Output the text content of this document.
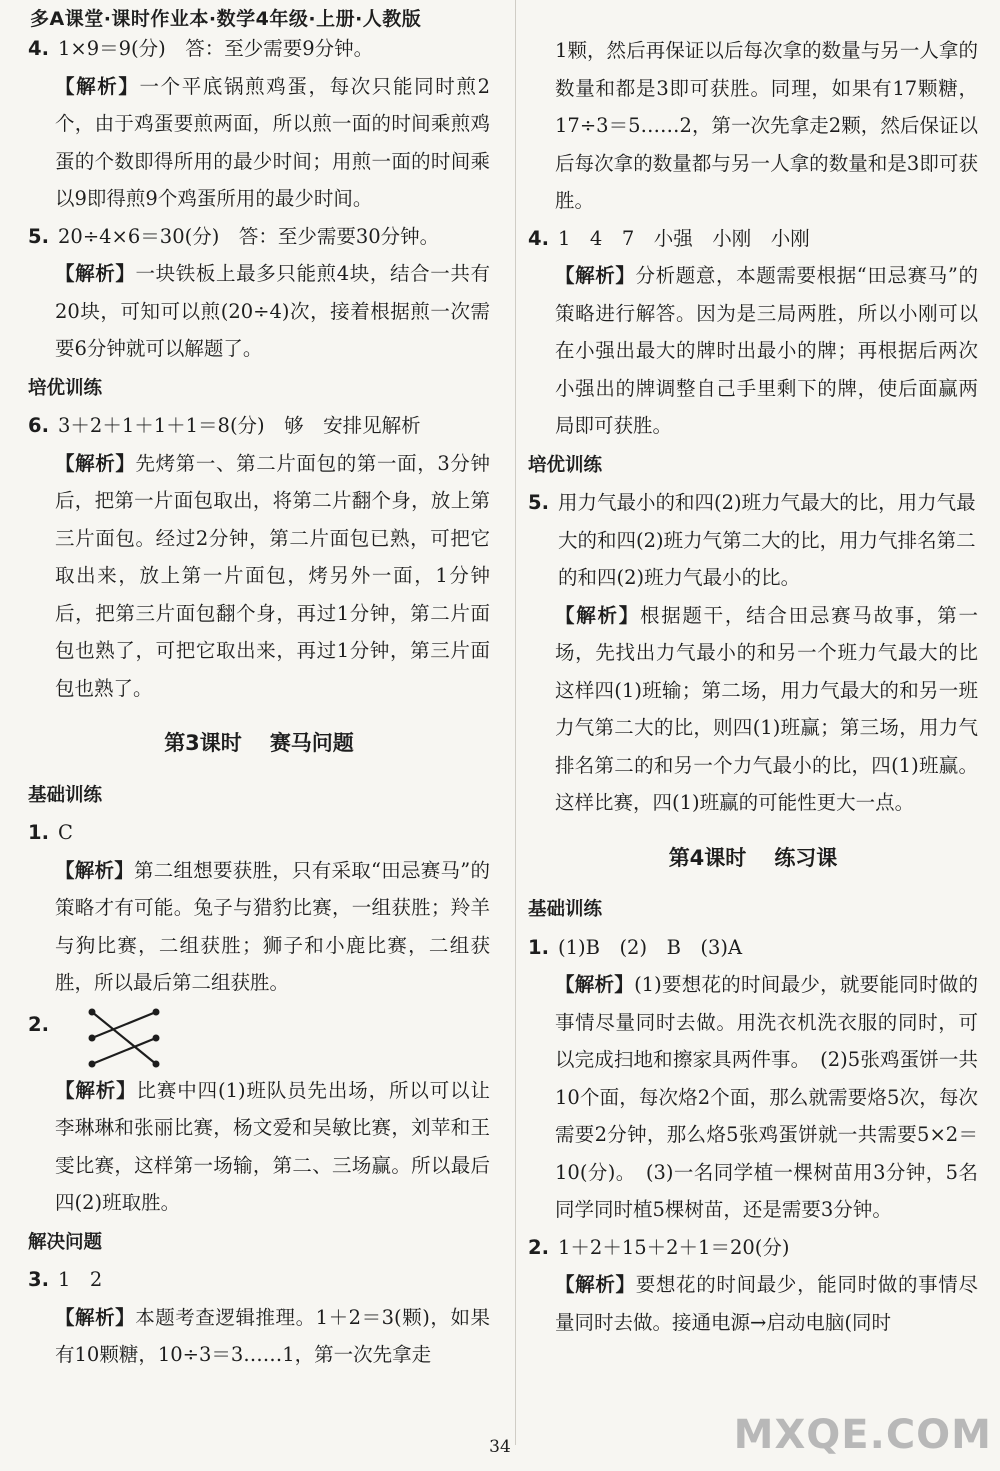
多A课堂·课时作业本·数学4年级·上册·人教版
4. 1×9＝9(分)　答：至少需要9分钟。
【解析】一个平底锅煎鸡蛋，每次只能同时煎2个，由于鸡蛋要煎两面，所以煎一面的时间乘煎鸡蛋的个数即得所用的最少时间；用煎一面的时间乘以9即得煎9个鸡蛋所用的最少时间。
5. 20÷4×6＝30(分)　答：至少需要30分钟。
【解析】一块铁板上最多只能煎4块，结合一共有20块，可知可以煎(20÷4)次，接着根据煎一次需要6分钟就可以解题了。
培优训练
6. 3＋2＋1＋1＋1＝8(分)　够　安排见解析
【解析】先烤第一、第二片面包的第一面，3分钟后，把第一片面包取出，将第二片翻个身，放上第三片面包。经过2分钟，第二片面包已熟，可把它取出来，放上第一片面包，烤另外一面，1分钟后，把第三片面包翻个身，再过1分钟，第二片面包也熟了，可把它取出来，再过1分钟，第三片面包也熟了。
第3课时 赛马问题
基础训练
1. C
【解析】第二组想要获胜，只有采取“田忌赛马”的策略才有可能。兔子与猎豹比赛，一组获胜；羚羊与狗比赛，二组获胜；狮子和小鹿比赛，二组获胜，所以最后第二组获胜。
2.
【解析】比赛中四(1)班队员先出场，所以可以让李琳琳和张丽比赛，杨文爱和吴敏比赛，刘苹和王雯比赛，这样第一场输，第二、三场赢。所以最后四(2)班取胜。
解决问题
3. 1　2
【解析】本题考查逻辑推理。1＋2＝3(颗)，如果有10颗糖，10÷3＝3……1，第一次先拿走
1颗，然后再保证以后每次拿的数量与另一人拿的数量和都是3即可获胜。同理，如果有17颗糖，17÷3＝5……2，第一次先拿走2颗，然后保证以后每次拿的数量都与另一人拿的数量和是3即可获胜。
4. 1　4　7　小强　小刚　小刚
【解析】分析题意，本题需要根据“田忌赛马”的策略进行解答。因为是三局两胜，所以小刚可以在小强出最大的牌时出最小的牌；再根据后两次小强出的牌调整自己手里剩下的牌，使后面赢两局即可获胜。
培优训练
5. 用力气最小的和四(2)班力气最大的比，用力气最大的和四(2)班力气第二大的比，用力气排名第二的和四(2)班力气最小的比。
【解析】根据题干，结合田忌赛马故事，第一场，先找出力气最小的和另一个班力气最大的比这样四(1)班输；第二场，用力气最大的和另一班力气第二大的比，则四(1)班赢；第三场，用力气排名第二的和另一个力气最小的比，四(1)班赢。这样比赛，四(1)班赢的可能性更大一点。
第4课时 练习课
基础训练
1. (1)B　(2)　B　(3)A
【解析】(1)要想花的时间最少，就要能同时做的事情尽量同时去做。用洗衣机洗衣服的同时，可以完成扫地和擦家具两件事。　(2)5张鸡蛋饼一共10个面，每次烙2个面，那么就需要烙5次，每次需要2分钟，那么烙5张鸡蛋饼就一共需要5×2＝10(分)。　(3)一名同学植一棵树苗用3分钟，5名同学同时植5棵树苗，还是需要3分钟。
2. 1＋2＋15＋2＋1＝20(分)
【解析】要想花的时间最少，能同时做的事情尽量同时去做。接通电源→启动电脑(同时
34	MXQE.COM
